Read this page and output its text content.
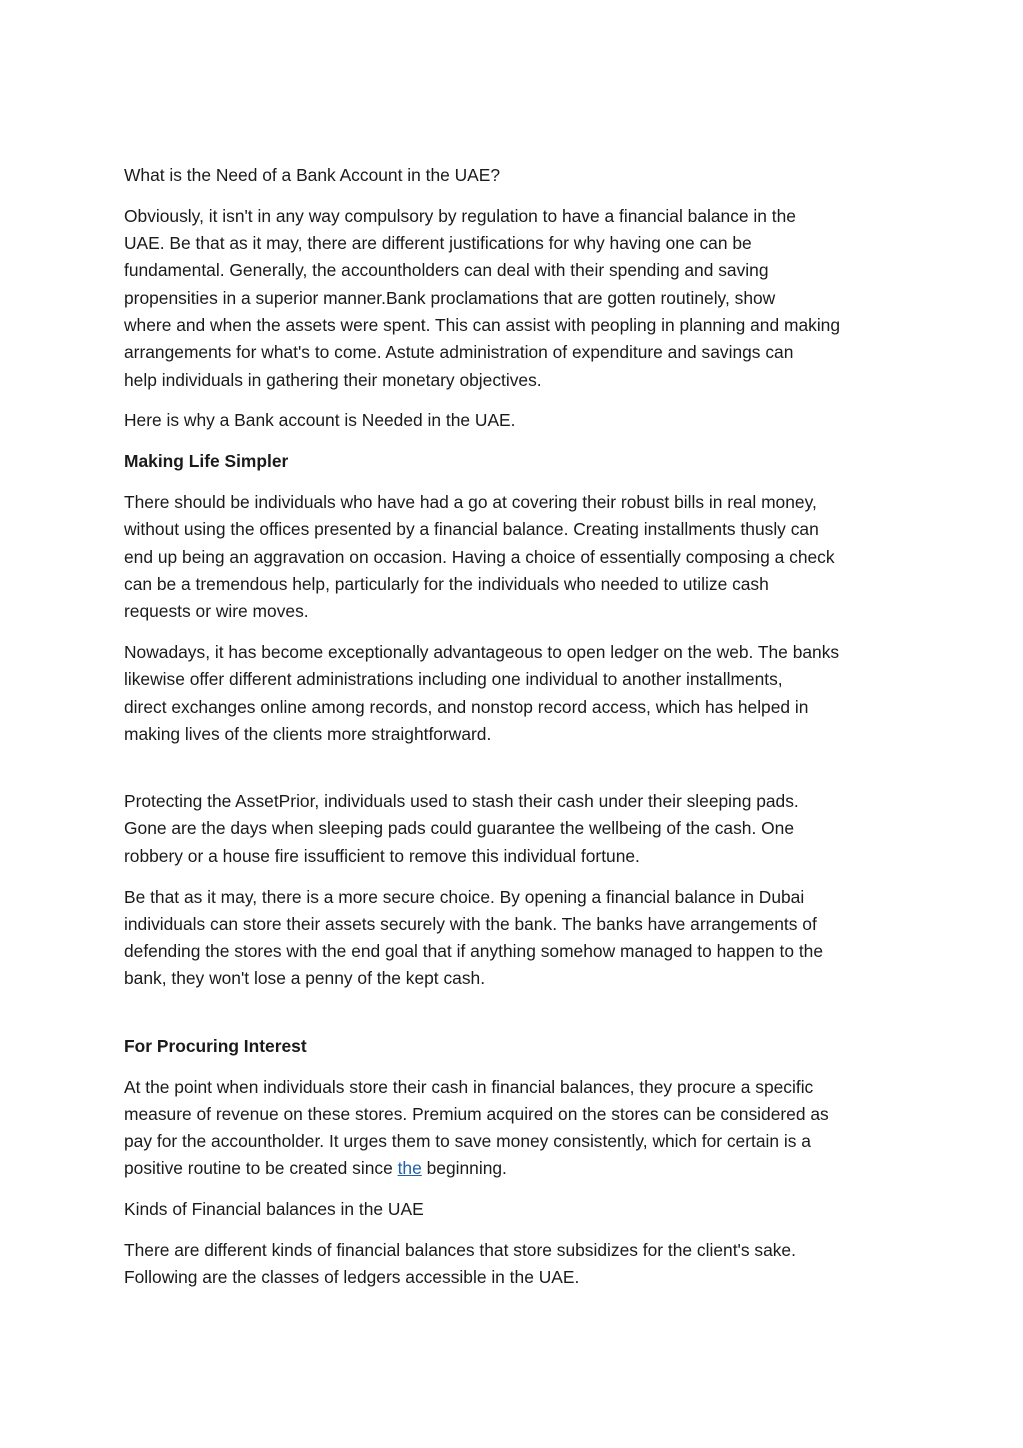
What is the Need of a Bank Account in the UAE?

Obviously, it isn't in any way compulsory by regulation to have a financial balance in the
UAE. Be that as it may, there are different justifications for why having one can be
fundamental. Generally, the accountholders can deal with their spending and saving
propensities in a superior manner.Bank proclamations that are gotten routinely, show
where and when the assets were spent. This can assist with peopling in planning and making
arrangements for what's to come. Astute administration of expenditure and savings can
help individuals in gathering their monetary objectives.

Here is why a Bank account is Needed in the UAE.

Making Life Simpler

There should be individuals who have had a go at covering their robust bills in real money,
without using the offices presented by a financial balance. Creating installments thusly can
end up being an aggravation on occasion. Having a choice of essentially composing a check
can be a tremendous help, particularly for the individuals who needed to utilize cash
requests or wire moves.

Nowadays, it has become exceptionally advantageous to open ledger on the web. The banks
likewise offer different administrations including one individual to another installments,
direct exchanges online among records, and nonstop record access, which has helped in
making lives of the clients more straightforward.

Protecting the AssetPrior, individuals used to stash their cash under their sleeping pads.
Gone are the days when sleeping pads could guarantee the wellbeing of the cash. One
robbery or a house fire issufficient to remove this individual fortune.

Be that as it may, there is a more secure choice. By opening a financial balance in Dubai
individuals can store their assets securely with the bank. The banks have arrangements of
defending the stores with the end goal that if anything somehow managed to happen to the
bank, they won't lose a penny of the kept cash.

For Procuring Interest

At the point when individuals store their cash in financial balances, they procure a specific
measure of revenue on these stores. Premium acquired on the stores can be considered as
pay for the accountholder. It urges them to save money consistently, which for certain is a
positive routine to be created since the beginning.

Kinds of Financial balances in the UAE

There are different kinds of financial balances that store subsidizes for the client's sake.
Following are the classes of ledgers accessible in the UAE.
